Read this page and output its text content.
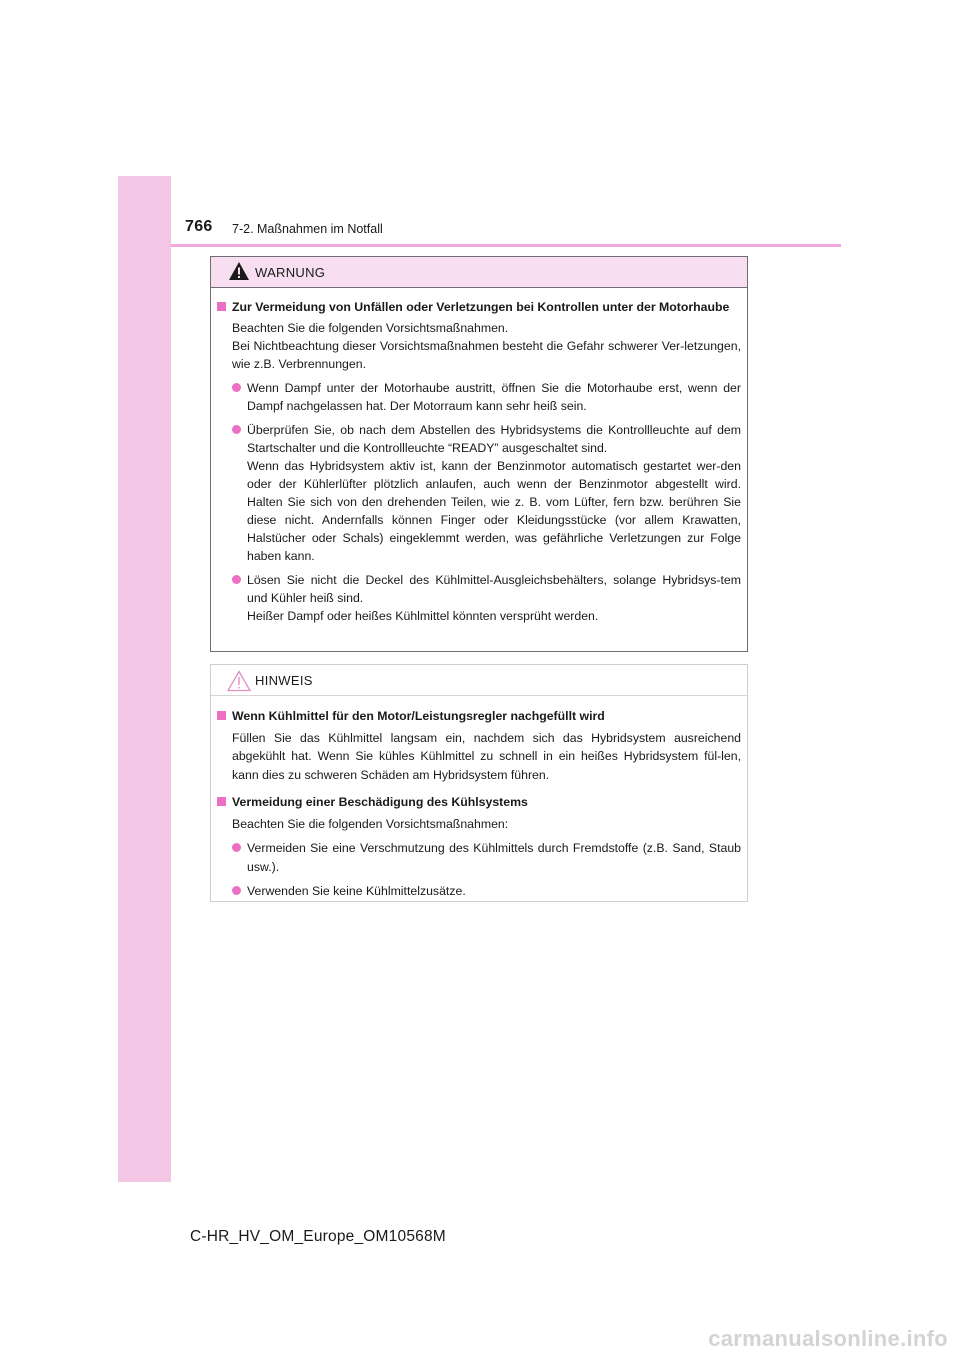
766 7-2. Maßnahmen im Notfall
WARNUNG
Zur Vermeidung von Unfällen oder Verletzungen bei Kontrollen unter der Motorhaube
Beachten Sie die folgenden Vorsichtsmaßnahmen.
Bei Nichtbeachtung dieser Vorsichtsmaßnahmen besteht die Gefahr schwerer Ver-letzungen, wie z.B. Verbrennungen.
Wenn Dampf unter der Motorhaube austritt, öffnen Sie die Motorhaube erst, wenn der Dampf nachgelassen hat. Der Motorraum kann sehr heiß sein.
Überprüfen Sie, ob nach dem Abstellen des Hybridsystems die Kontrollleuchte auf dem Startschalter und die Kontrollleuchte “READY” ausgeschaltet sind.
Wenn das Hybridsystem aktiv ist, kann der Benzinmotor automatisch gestartet wer-den oder der Kühlerlüfter plötzlich anlaufen, auch wenn der Benzinmotor abgestellt wird. Halten Sie sich von den drehenden Teilen, wie z. B. vom Lüfter, fern bzw. berühren Sie diese nicht. Andernfalls können Finger oder Kleidungsstücke (vor allem Krawatten, Halstücher oder Schals) eingeklemmt werden, was gefährliche Verletzungen zur Folge haben kann.
Lösen Sie nicht die Deckel des Kühlmittel-Ausgleichsbehälters, solange Hybridsys-tem und Kühler heiß sind.
Heißer Dampf oder heißes Kühlmittel könnten versprüht werden.
HINWEIS
Wenn Kühlmittel für den Motor/Leistungsregler nachgefüllt wird
Füllen Sie das Kühlmittel langsam ein, nachdem sich das Hybridsystem ausreichend abgekühlt hat. Wenn Sie kühles Kühlmittel zu schnell in ein heißes Hybridsystem fül-len, kann dies zu schweren Schäden am Hybridsystem führen.
Vermeidung einer Beschädigung des Kühlsystems
Beachten Sie die folgenden Vorsichtsmaßnahmen:
Vermeiden Sie eine Verschmutzung des Kühlmittels durch Fremdstoffe (z.B. Sand, Staub usw.).
Verwenden Sie keine Kühlmittelzusätze.
C-HR_HV_OM_Europe_OM10568M
carmanualsonline.info
